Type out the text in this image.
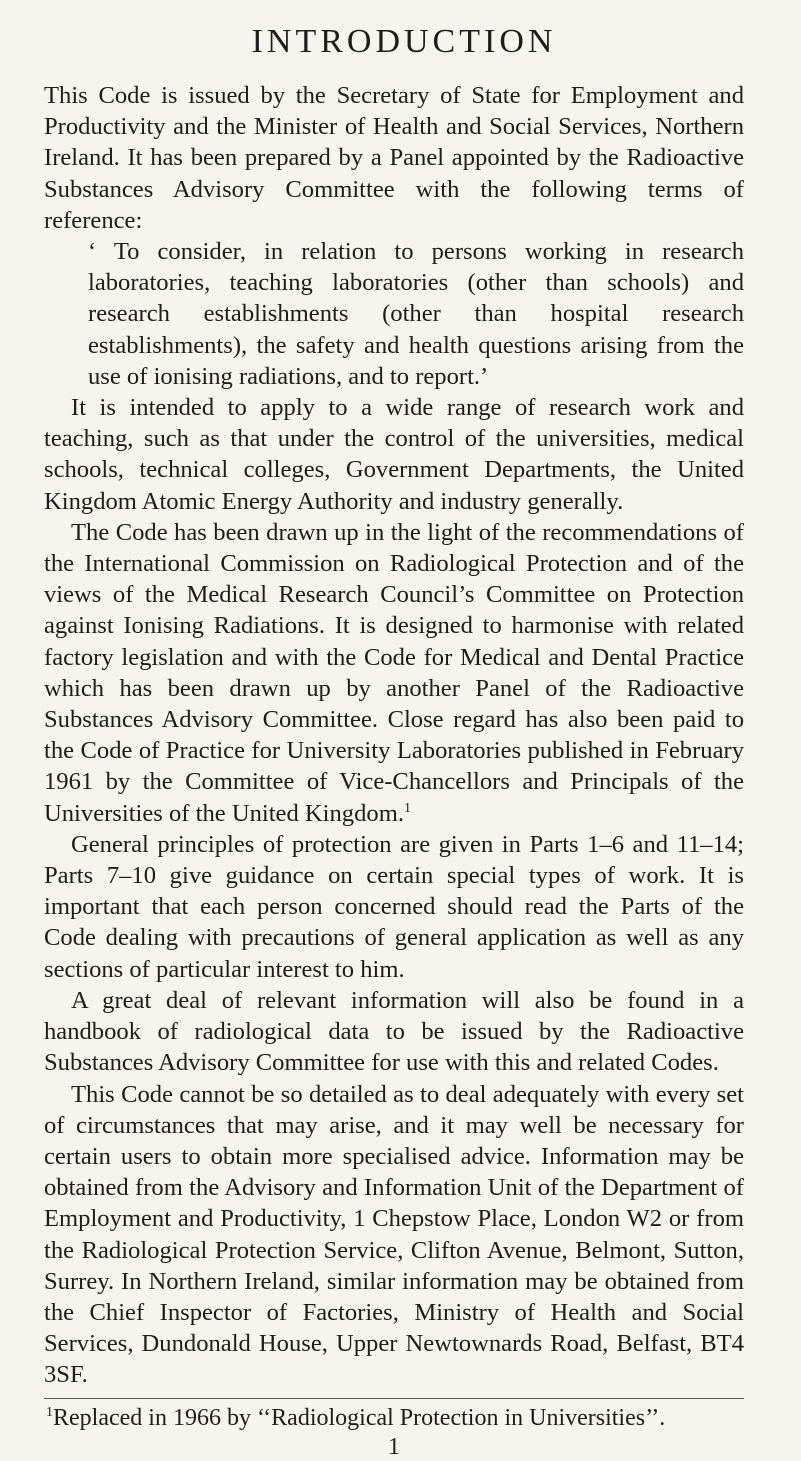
INTRODUCTION

This Code is issued by the Secretary of State for Employment and Productivity and the Minister of Health and Social Services, Northern Ireland. It has been prepared by a Panel appointed by the Radioactive Substances Advisory Committee with the following terms of reference:

‘ To consider, in relation to persons working in research laboratories, teaching laboratories (other than schools) and research establishments (other than hospital research establishments), the safety and health questions arising from the use of ionising radiations, and to report.’

It is intended to apply to a wide range of research work and teaching, such as that under the control of the universities, medical schools, technical colleges, Government Departments, the United Kingdom Atomic Energy Authority and industry generally.

The Code has been drawn up in the light of the recommendations of the International Commission on Radiological Protection and of the views of the Medical Research Council’s Committee on Protection against Ionising Radiations. It is designed to harmonise with related factory legislation and with the Code for Medical and Dental Practice which has been drawn up by another Panel of the Radioactive Substances Advisory Committee. Close regard has also been paid to the Code of Practice for University Laboratories published in February 1961 by the Committee of Vice-Chancellors and Principals of the Universities of the United Kingdom.$^1$

General principles of protection are given in Parts 1–6 and 11–14; Parts 7–10 give guidance on certain special types of work. It is important that each person concerned should read the Parts of the Code dealing with precautions of general application as well as any sections of particular interest to him.

A great deal of relevant information will also be found in a handbook of radiological data to be issued by the Radioactive Substances Advisory Committee for use with this and related Codes.

This Code cannot be so detailed as to deal adequately with every set of circumstances that may arise, and it may well be necessary for certain users to obtain more specialised advice. Information may be obtained from the Advisory and Information Unit of the Department of Employment and Productivity, 1 Chepstow Place, London W2 or from the Radiological Protection Service, Clifton Avenue, Belmont, Sutton, Surrey. In Northern Ireland, similar information may be obtained from the Chief Inspector of Factories, Ministry of Health and Social Services, Dundonald House, Upper Newtownards Road, Belfast, BT4 3SF.

$^1$Replaced in 1966 by ‘‘Radiological Protection in Universities’’.

1
